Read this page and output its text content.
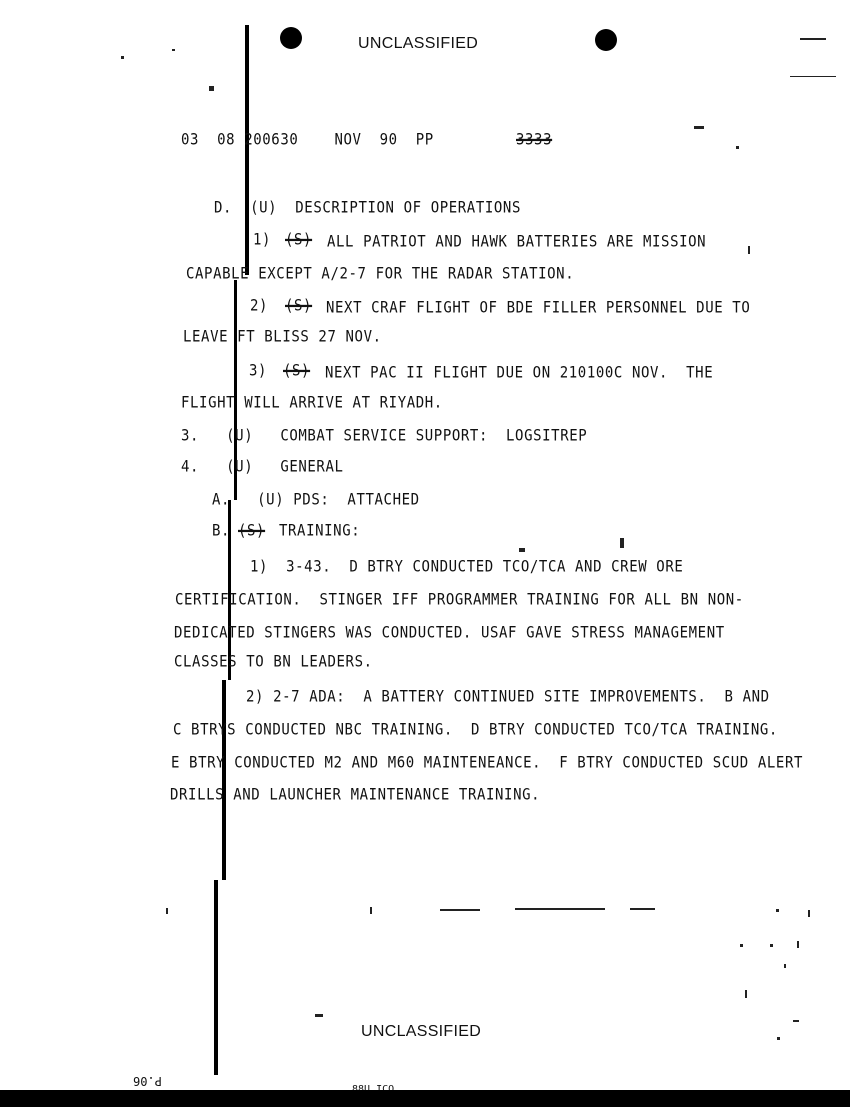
UNCLASSIFIED
03  08 200630    NOV  90  PP	3333
D.  (U)  DESCRIPTION OF OPERATIONS
1) (S) ALL PATRIOT AND HAWK BATTERIES ARE MISSION
CAPABLE EXCEPT A/2-7 FOR THE RADAR STATION.
2) (S) NEXT CRAF FLIGHT OF BDE FILLER PERSONNEL DUE TO
LEAVE FT BLISS 27 NOV.
3) (S) NEXT PAC II FLIGHT DUE ON 210100C NOV.  THE
FLIGHT WILL ARRIVE AT RIYADH.
3.   (U)   COMBAT SERVICE SUPPORT:  LOGSITREP
4.   (U)   GENERAL
A.   (U) PDS:  ATTACHED
B. (S) TRAINING:
1)  3-43.  D BTRY CONDUCTED TCO/TCA AND CREW ORE
CERTIFICATION.  STINGER IFF PROGRAMMER TRAINING FOR ALL BN NON-
DEDICATED STINGERS WAS CONDUCTED. USAF GAVE STRESS MANAGEMENT
CLASSES TO BN LEADERS.
2) 2-7 ADA:  A BATTERY CONTINUED SITE IMPROVEMENTS.  B AND
C BTRYS CONDUCTED NBC TRAINING.  D BTRY CONDUCTED TCO/TCA TRAINING.
E BTRY CONDUCTED M2 AND M60 MAINTENEANCE.  F BTRY CONDUCTED SCUD ALERT
DRILLS AND LAUNCHER MAINTENANCE TRAINING.
UNCLASSIFIED
P.06
